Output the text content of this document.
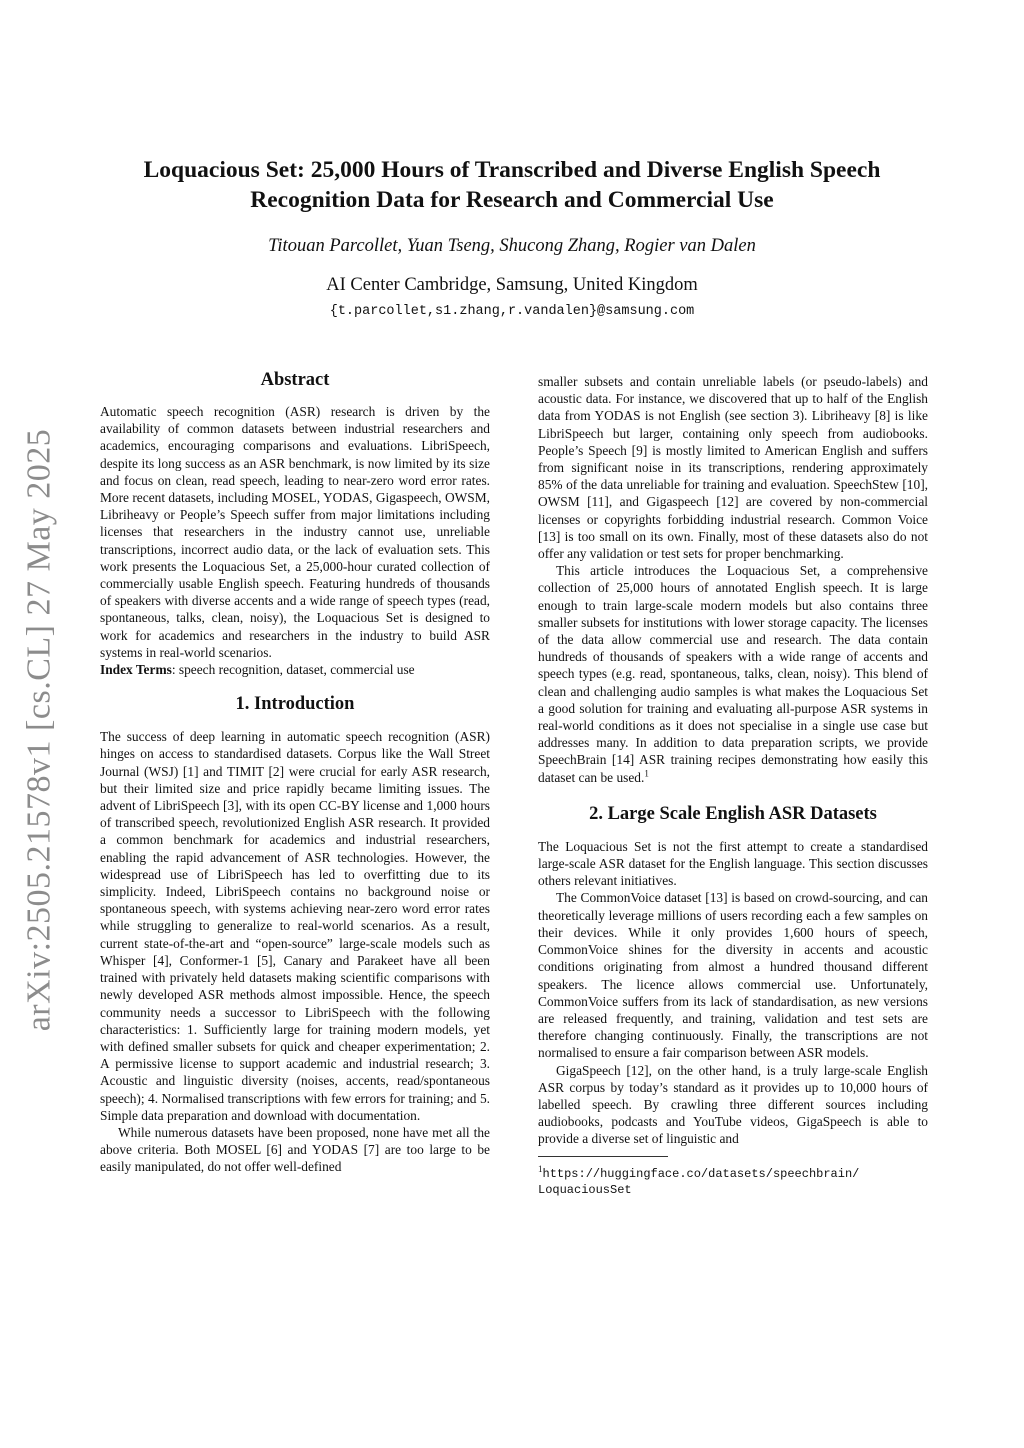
arXiv:2505.21578v1 [cs.CL] 27 May 2025
Loquacious Set: 25,000 Hours of Transcribed and Diverse English Speech Recognition Data for Research and Commercial Use
Titouan Parcollet, Yuan Tseng, Shucong Zhang, Rogier van Dalen
AI Center Cambridge, Samsung, United Kingdom
{t.parcollet,s1.zhang,r.vandalen}@samsung.com
Abstract

Automatic speech recognition (ASR) research is driven by the availability of common datasets between industrial researchers and academics, encouraging comparisons and evaluations. LibriSpeech, despite its long success as an ASR benchmark, is now limited by its size and focus on clean, read speech, leading to near-zero word error rates. More recent datasets, including MOSEL, YODAS, Gigaspeech, OWSM, Libriheavy or People’s Speech suffer from major limitations including licenses that researchers in the industry cannot use, unreliable transcriptions, incorrect audio data, or the lack of evaluation sets. This work presents the Loquacious Set, a 25,000-hour curated collection of commercially usable English speech. Featuring hundreds of thousands of speakers with diverse accents and a wide range of speech types (read, spontaneous, talks, clean, noisy), the Loquacious Set is designed to work for academics and researchers in the industry to build ASR systems in real-world scenarios.

Index Terms: speech recognition, dataset, commercial use

1. Introduction

The success of deep learning in automatic speech recognition (ASR) hinges on access to standardised datasets. Corpus like the Wall Street Journal (WSJ) [1] and TIMIT [2] were crucial for early ASR research, but their limited size and price rapidly became limiting issues. The advent of LibriSpeech [3], with its open CC-BY license and 1,000 hours of transcribed speech, revolutionized English ASR research. It provided a common benchmark for academics and industrial researchers, enabling the rapid advancement of ASR technologies. However, the widespread use of LibriSpeech has led to overfitting due to its simplicity. Indeed, LibriSpeech contains no background noise or spontaneous speech, with systems achieving near-zero word error rates while struggling to generalize to real-world scenarios. As a result, current state-of-the-art and “open-source” large-scale models such as Whisper [4], Conformer-1 [5], Canary and Parakeet have all been trained with privately held datasets making scientific comparisons with newly developed ASR methods almost impossible. Hence, the speech community needs a successor to LibriSpeech with the following characteristics: 1. Sufficiently large for training modern models, yet with defined smaller subsets for quick and cheaper experimentation; 2. A permissive license to support academic and industrial research; 3. Acoustic and linguistic diversity (noises, accents, read/spontaneous speech); 4. Normalised transcriptions with few errors for training; and 5. Simple data preparation and download with documentation.

While numerous datasets have been proposed, none have met all the above criteria. Both MOSEL [6] and YODAS [7] are too large to be easily manipulated, do not offer well-defined

smaller subsets and contain unreliable labels (or pseudo-labels) and acoustic data. For instance, we discovered that up to half of the English data from YODAS is not English (see section 3). Libriheavy [8] is like LibriSpeech but larger, containing only speech from audiobooks. People’s Speech [9] is mostly limited to American English and suffers from significant noise in its transcriptions, rendering approximately 85% of the data unreliable for training and evaluation. SpeechStew [10], OWSM [11], and Gigaspeech [12] are covered by non-commercial licenses or copyrights forbidding industrial research. Common Voice [13] is too small on its own. Finally, most of these datasets also do not offer any validation or test sets for proper benchmarking.

This article introduces the Loquacious Set, a comprehensive collection of 25,000 hours of annotated English speech. It is large enough to train large-scale modern models but also contains three smaller subsets for institutions with lower storage capacity. The licenses of the data allow commercial use and research. The data contain hundreds of thousands of speakers with a wide range of accents and speech types (e.g. read, spontaneous, talks, clean, noisy). This blend of clean and challenging audio samples is what makes the Loquacious Set a good solution for training and evaluating all-purpose ASR systems in real-world conditions as it does not specialise in a single use case but addresses many. In addition to data preparation scripts, we provide SpeechBrain [14] ASR training recipes demonstrating how easily this dataset can be used.$^1$

2. Large Scale English ASR Datasets

The Loquacious Set is not the first attempt to create a standardised large-scale ASR dataset for the English language. This section discusses others relevant initiatives.

The CommonVoice dataset [13] is based on crowd-sourcing, and can theoretically leverage millions of users recording each a few samples on their devices. While it only provides 1,600 hours of speech, CommonVoice shines for the diversity in accents and acoustic conditions originating from almost a hundred thousand different speakers. The licence allows commercial use. Unfortunately, CommonVoice suffers from its lack of standardisation, as new versions are released frequently, and training, validation and test sets are therefore changing continuously. Finally, the transcriptions are not normalised to ensure a fair comparison between ASR models.

GigaSpeech [12], on the other hand, is a truly large-scale English ASR corpus by today’s standard as it provides up to 10,000 hours of labelled speech. By crawling three different sources including audiobooks, podcasts and YouTube videos, GigaSpeech is able to provide a diverse set of linguistic and

$^1$https://huggingface.co/datasets/speechbrain/ LoquaciousSet
